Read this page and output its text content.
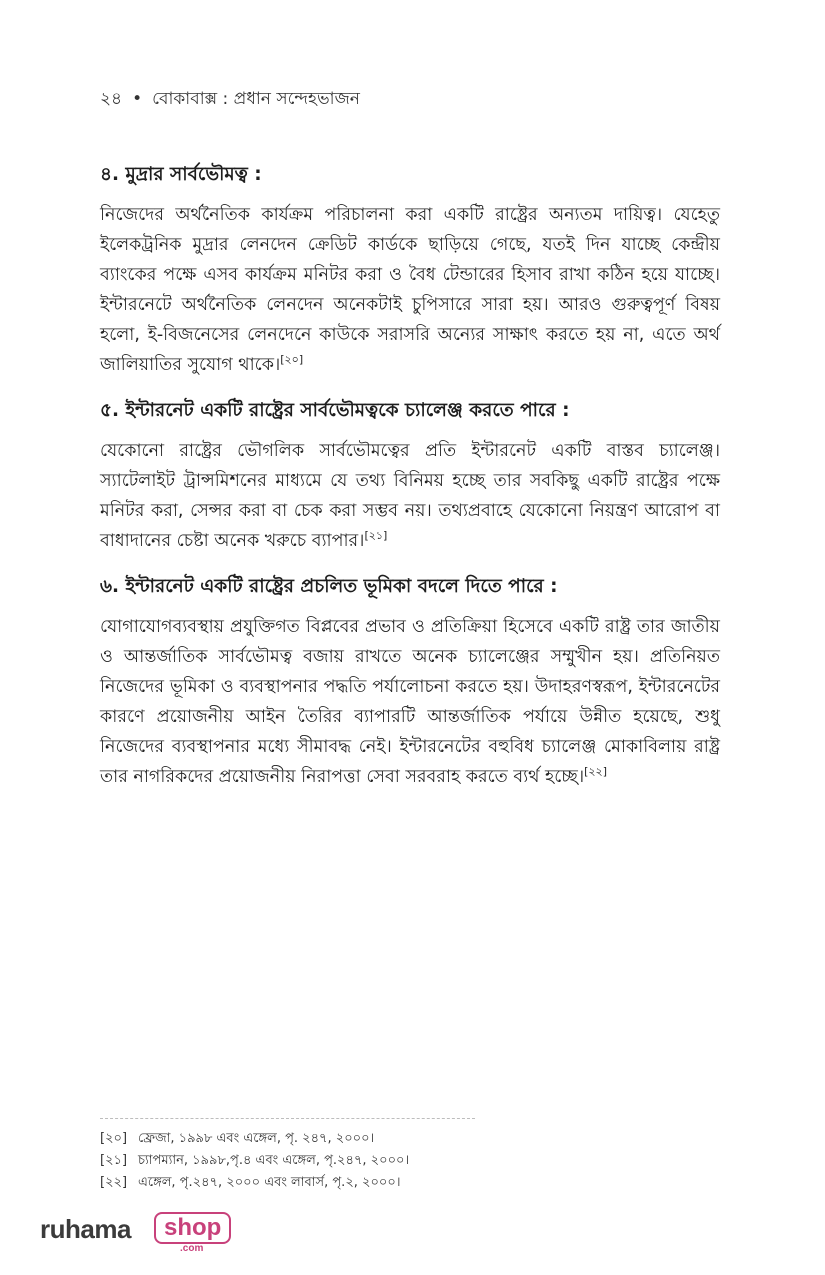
২৪ • বোকাবাক্স : প্রধান সন্দেহভাজন
৪. মুদ্রার সার্বভৌমত্ব :

নিজেদের অর্থনৈতিক কার্যক্রম পরিচালনা করা একটি রাষ্ট্রের অন্যতম দায়িত্ব। যেহেতু ইলেকট্রনিক মুদ্রার লেনদেন ক্রেডিট কার্ডকে ছাড়িয়ে গেছে, যতই দিন যাচ্ছে কেন্দ্রীয় ব্যাংকের পক্ষে এসব কার্যক্রম মনিটর করা ও বৈধ টেন্ডারের হিসাব রাখা কঠিন হয়ে যাচ্ছে। ইন্টারনেটে অর্থনৈতিক লেনদেন অনেকটাই চুপিসারে সারা হয়। আরও গুরুত্বপূর্ণ বিষয় হলো, ই-বিজনেসের লেনদেনে কাউকে সরাসরি অন্যের সাক্ষাৎ করতে হয় না, এতে অর্থ জালিয়াতির সুযোগ থাকে।[২০]

৫. ইন্টারনেট একটি রাষ্ট্রের সার্বভৌমত্বকে চ্যালেঞ্জ করতে পারে :

যেকোনো রাষ্ট্রের ভৌগলিক সার্বভৌমত্বের প্রতি ইন্টারনেট একটি বাস্তব চ্যালেঞ্জ। স্যাটেলাইট ট্রান্সমিশনের মাধ্যমে যে তথ্য বিনিময় হচ্ছে তার সবকিছু একটি রাষ্ট্রের পক্ষে মনিটর করা, সেন্সর করা বা চেক করা সম্ভব নয়। তথ্যপ্রবাহে যেকোনো নিয়ন্ত্রণ আরোপ বা বাধাদানের চেষ্টা অনেক খরুচে ব্যাপার।[২১]

৬. ইন্টারনেট একটি রাষ্ট্রের প্রচলিত ভূমিকা বদলে দিতে পারে :

যোগাযোগব্যবস্থায় প্রযুক্তিগত বিপ্লবের প্রভাব ও প্রতিক্রিয়া হিসেবে একটি রাষ্ট্র তার জাতীয় ও আন্তর্জাতিক সার্বভৌমত্ব বজায় রাখতে অনেক চ্যালেঞ্জের সম্মুখীন হয়। প্রতিনিয়ত নিজেদের ভূমিকা ও ব্যবস্থাপনার পদ্ধতি পর্যালোচনা করতে হয়। উদাহরণস্বরূপ, ইন্টারনেটের কারণে প্রয়োজনীয় আইন তৈরির ব্যাপারটি আন্তর্জাতিক পর্যায়ে উন্নীত হয়েছে, শুধু নিজেদের ব্যবস্থাপনার মধ্যে সীমাবদ্ধ নেই। ইন্টারনেটের বহুবিধ চ্যালেঞ্জ মোকাবিলায় রাষ্ট্র তার নাগরিকদের প্রয়োজনীয় নিরাপত্তা সেবা সরবরাহ করতে ব্যর্থ হচ্ছে।[২২]

[২০] ফ্রেজা, ১৯৯৮ এবং এঙ্গেল, পৃ. ২৪৭, ২০০০।
[২১] চ্যাপম্যান, ১৯৯৮,পৃ.৪ এবং এঙ্গেল, পৃ.২৪৭, ২০০০।
[২২] এঙ্গেল, পৃ.২৪৭, ২০০০ এবং লাবার্স, পৃ.২, ২০০০।
ruhama	shop
.com
